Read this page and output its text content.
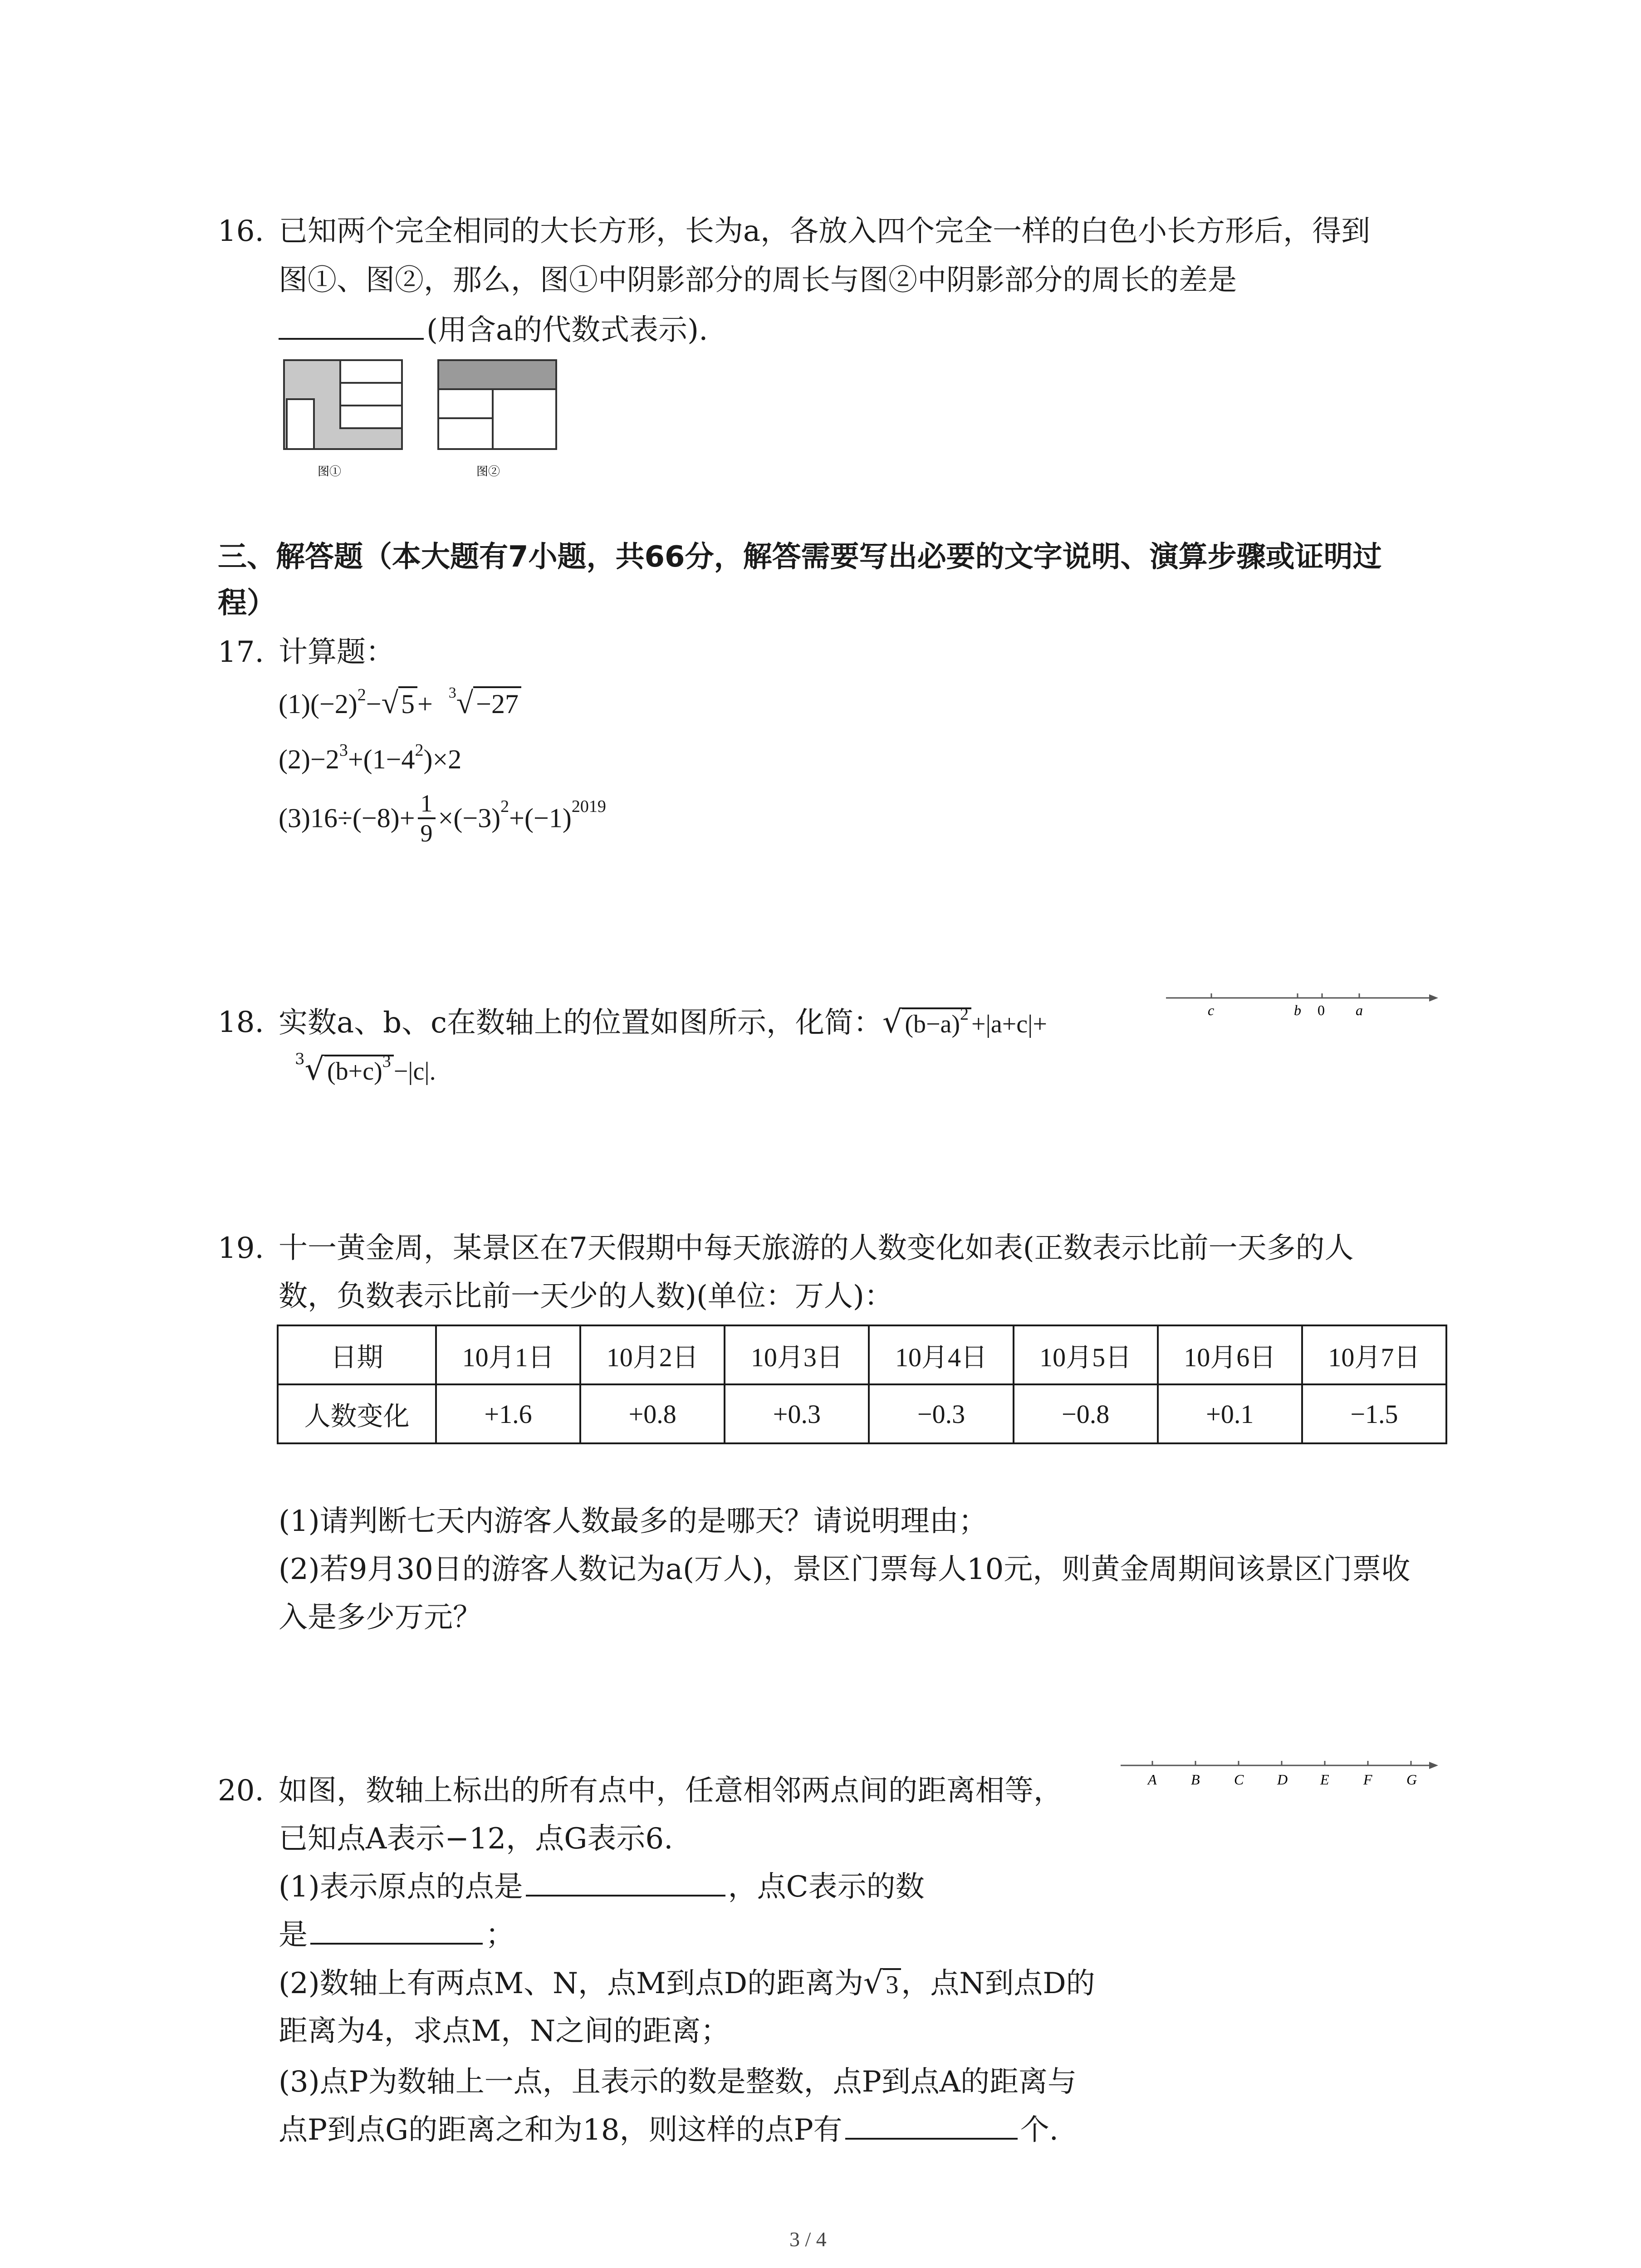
16. 已知两个完全相同的大长方形，长为a，各放入四个完全一样的白色小长方形后，得到
图①、图②，那么，图①中阴影部分的周长与图②中阴影部分的周长的差是
(用含a的代数式表示).
图①	图②
三、解答题（本大题有7小题，共66分，解答需要写出必要的文字说明、演算步骤或证明过
程）
17. 计算题：
$(1)(-2)^2-√$ 5 + $^3$√ −27
$(2)-2^3+(1-4^2)\times 2$
$(3)16\div(-8)+ \frac{1}{9} \times(-3)^2+(-1)^{2019}$
18. 实数a、b、c在数轴上的位置如图所示，化简：√ $(b-a)^2 +|a+c|+$
$^3$√ $(b+c)^3 -|c|$.
c	b 0 a
19. 十一黄金周，某景区在7天假期中每天旅游的人数变化如表(正数表示比前一天多的人
数，负数表示比前一天少的人数)(单位：万人)：
日期	10月1日	10月2日	10月3日	10月4日	10月5日	10月6日	10月7日
人数变化	+1.6	+0.8	+0.3	−0.3	−0.8	+0.1	−1.5
(1)请判断七天内游客人数最多的是哪天？请说明理由；
(2)若9月30日的游客人数记为a(万人)，景区门票每人10元，则黄金周期间该景区门票收
入是多少万元？
20. 如图，数轴上标出的所有点中，任意相邻两点间的距离相等，
已知点A表示−12，点G表示6.
(1)表示原点的点是	，点C表示的数
是	；
(2)数轴上有两点M、N，点M到点D的距离为√ 3，点N到点D的
距离为4，求点M，N之间的距离；
(3)点P为数轴上一点，且表示的数是整数，点P到点A的距离与
点P到点G的距离之和为18，则这样的点P有	个.
A B C D E F G
3 / 4
